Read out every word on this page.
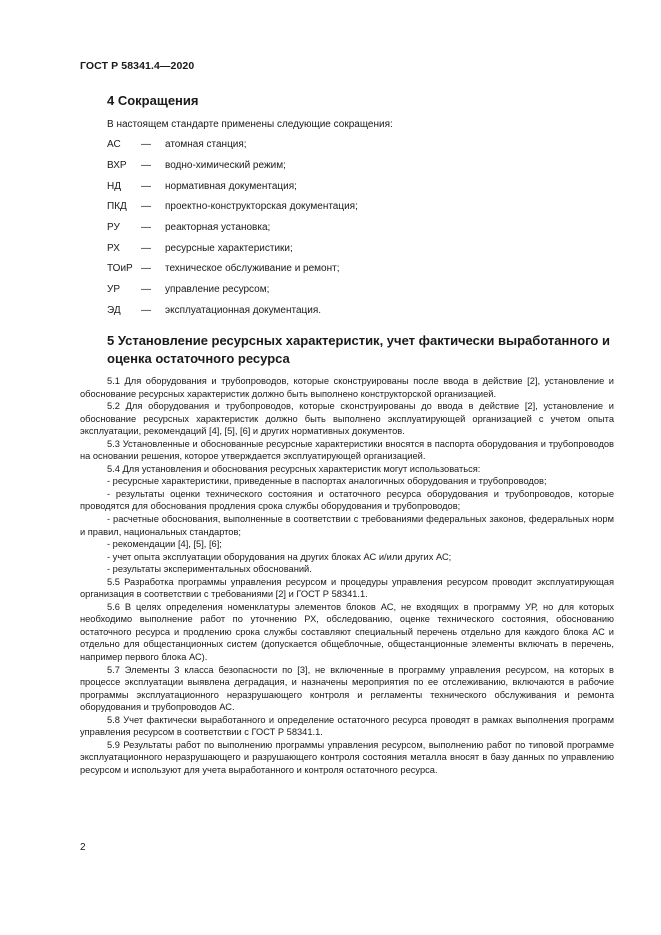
ГОСТ Р 58341.4—2020
4 Сокращения
В настоящем стандарте применены следующие сокращения:
АС — атомная станция;
ВХР — водно-химический режим;
НД — нормативная документация;
ПКД — проектно-конструкторская документация;
РУ — реакторная установка;
РХ — ресурсные характеристики;
ТОиР — техническое обслуживание и ремонт;
УР — управление ресурсом;
ЭД — эксплуатационная документация.
5 Установление ресурсных характеристик, учет фактически выработанного и оценка остаточного ресурса

5.1 Для оборудования и трубопроводов, которые сконструированы после ввода в действие [2], установление и обоснование ресурсных характеристик должно быть выполнено конструкторской организацией.

5.2 Для оборудования и трубопроводов, которые сконструированы до ввода в действие [2], установление и обоснование ресурсных характеристик должно быть выполнено эксплуатирующей организацией с учетом опыта эксплуатации, рекомендаций [4], [5], [6] и других нормативных документов.

5.3 Установленные и обоснованные ресурсные характеристики вносятся в паспорта оборудования и трубопроводов на основании решения, которое утверждается эксплуатирующей организацией.

5.4 Для установления и обоснования ресурсных характеристик могут использоваться:

- ресурсные характеристики, приведенные в паспортах аналогичных оборудования и трубопроводов;

- результаты оценки технического состояния и остаточного ресурса оборудования и трубопроводов, которые проводятся для обоснования продления срока службы оборудования и трубопроводов;

- расчетные обоснования, выполненные в соответствии с требованиями федеральных законов, федеральных норм и правил, национальных стандартов;

- рекомендации [4], [5], [6];

- учет опыта эксплуатации оборудования на других блоках АС и/или других АС;

- результаты экспериментальных обоснований.

5.5 Разработка программы управления ресурсом и процедуры управления ресурсом проводит эксплуатирующая организация в соответствии с требованиями [2] и ГОСТ Р 58341.1.

5.6 В целях определения номенклатуры элементов блоков АС, не входящих в программу УР, но для которых необходимо выполнение работ по уточнению РХ, обследованию, оценке технического состояния, обоснованию остаточного ресурса и продлению срока службы составляют специальный перечень отдельно для каждого блока АС и отдельно для общестанционных систем (допускается общеблочные, общестанционные элементы включать в перечень, например первого блока АС).

5.7 Элементы 3 класса безопасности по [3], не включенные в программу управления ресурсом, на которых в процессе эксплуатации выявлена деградация, и назначены мероприятия по ее отслеживанию, включаются в рабочие программы эксплуатационного неразрушающего контроля и регламенты технического обслуживания и ремонта оборудования и трубопроводов АС.

5.8 Учет фактически выработанного и определение остаточного ресурса проводят в рамках выполнения программ управления ресурсом в соответствии с ГОСТ Р 58341.1.

5.9 Результаты работ по выполнению программы управления ресурсом, выполнению работ по типовой программе эксплуатационного неразрушающего и разрушающего контроля состояния металла вносят в базу данных по управлению ресурсом и используют для учета выработанного и контроля остаточного ресурса.

2
